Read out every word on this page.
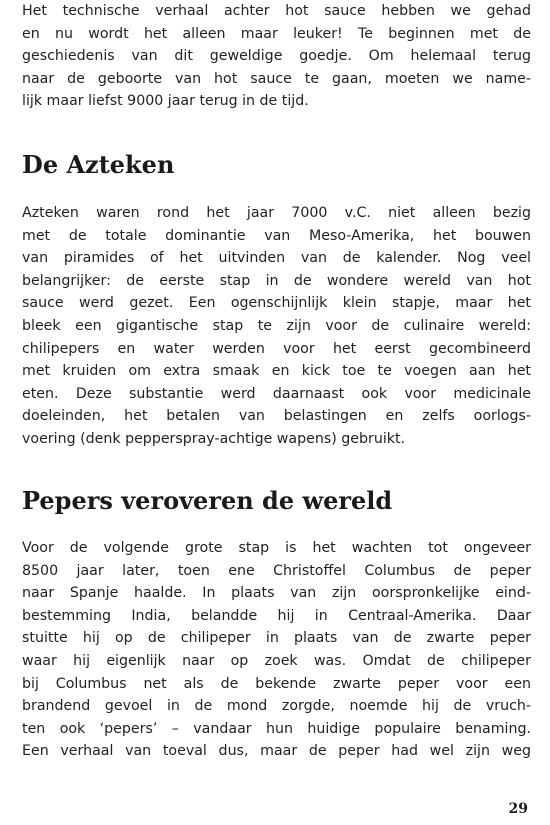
Het technische verhaal achter hot sauce hebben we gehad
en nu wordt het alleen maar leuker! Te beginnen met de
geschiedenis van dit geweldige goedje. Om helemaal terug
naar de geboorte van hot sauce te gaan, moeten we name-
lijk maar liefst 9000 jaar terug in de tijd.

De Azteken

Azteken waren rond het jaar 7000 v.C. niet alleen bezig
met de totale dominantie van Meso-Amerika, het bouwen
van piramides of het uitvinden van de kalender. Nog veel
belangrijker: de eerste stap in de wondere wereld van hot
sauce werd gezet. Een ogenschijnlijk klein stapje, maar het
bleek een gigantische stap te zijn voor de culinaire wereld:
chilipepers en water werden voor het eerst gecombineerd
met kruiden om extra smaak en kick toe te voegen aan het
eten. Deze substantie werd daarnaast ook voor medicinale
doeleinden, het betalen van belastingen en zelfs oorlogs-
voering (denk pepperspray-achtige wapens) gebruikt.

Pepers veroveren de wereld

Voor de volgende grote stap is het wachten tot ongeveer
8500 jaar later, toen ene Christoffel Columbus de peper
naar Spanje haalde. In plaats van zijn oorspronkelijke eind-
bestemming India, belandde hij in Centraal-Amerika. Daar
stuitte hij op de chilipeper in plaats van de zwarte peper
waar hij eigenlijk naar op zoek was. Omdat de chilipeper
bij Columbus net als de bekende zwarte peper voor een
brandend gevoel in de mond zorgde, noemde hij de vruch-
ten ook ‘pepers’ – vandaar hun huidige populaire benaming.
Een verhaal van toeval dus, maar de peper had wel zijn weg

29
